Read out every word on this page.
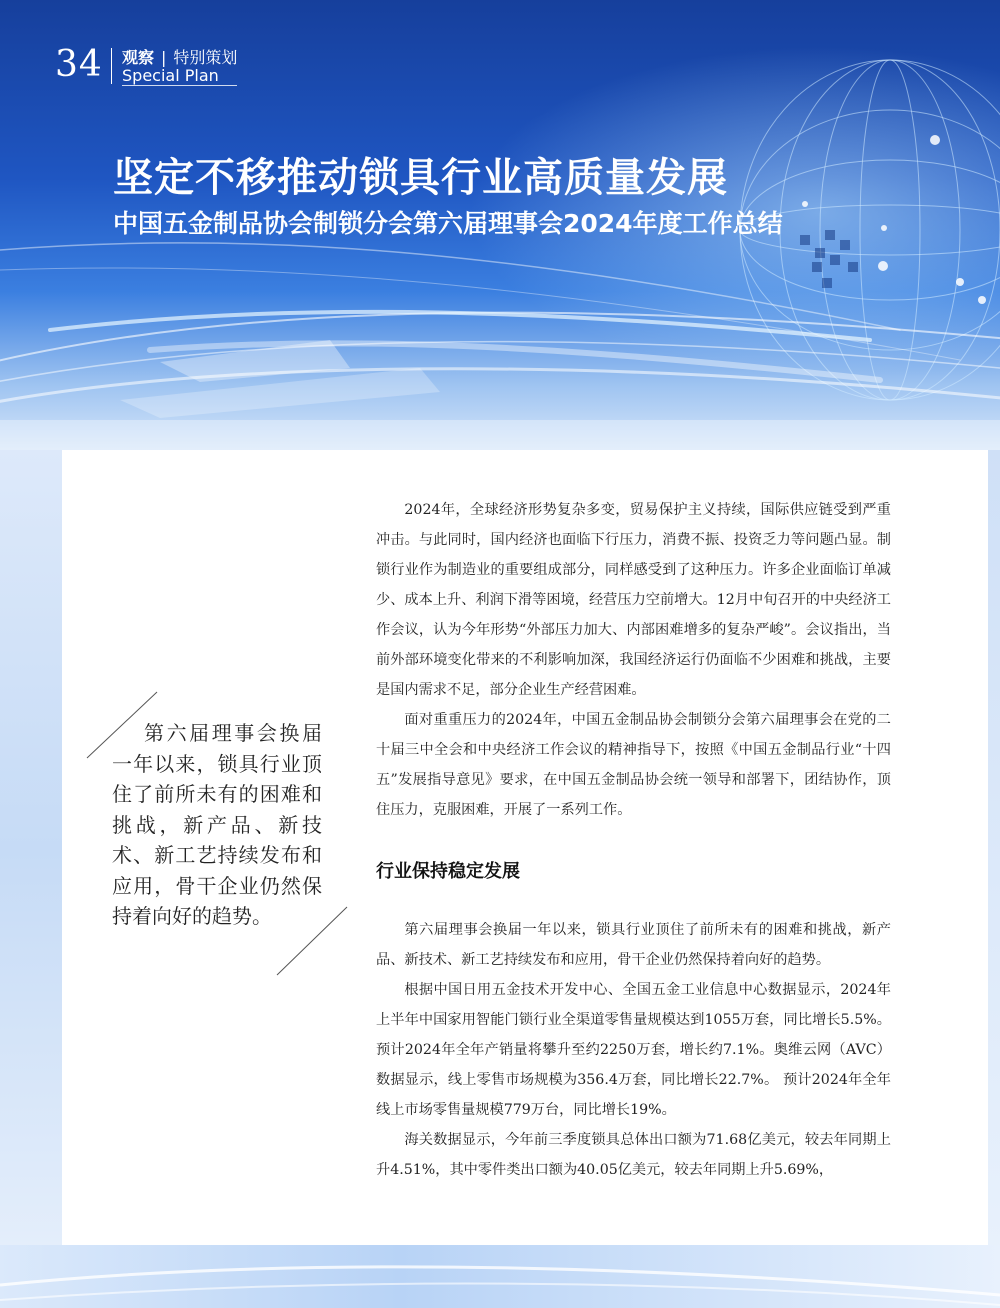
34 观察 | 特别策划
Special Plan
坚定不移推动锁具行业高质量发展
中国五金制品协会制锁分会第六届理事会2024年度工作总结
第六届理事会换届一年以来，锁具行业顶住了前所未有的困难和挑战，新产品、新技术、新工艺持续发布和应用，骨干企业仍然保持着向好的趋势。

2024年，全球经济形势复杂多变，贸易保护主义持续，国际供应链受到严重冲击。与此同时，国内经济也面临下行压力，消费不振、投资乏力等问题凸显。制锁行业作为制造业的重要组成部分，同样感受到了这种压力。许多企业面临订单减少、成本上升、利润下滑等困境，经营压力空前增大。12月中旬召开的中央经济工作会议，认为今年形势“外部压力加大、内部困难增多的复杂严峻”。会议指出，当前外部环境变化带来的不利影响加深，我国经济运行仍面临不少困难和挑战，主要是国内需求不足，部分企业生产经营困难。

面对重重压力的2024年，中国五金制品协会制锁分会第六届理事会在党的二十届三中全会和中央经济工作会议的精神指导下，按照《中国五金制品行业“十四五”发展指导意见》要求，在中国五金制品协会统一领导和部署下，团结协作，顶住压力，克服困难，开展了一系列工作。

行业保持稳定发展

第六届理事会换届一年以来，锁具行业顶住了前所未有的困难和挑战，新产品、新技术、新工艺持续发布和应用，骨干企业仍然保持着向好的趋势。

根据中国日用五金技术开发中心、全国五金工业信息中心数据显示，2024年上半年中国家用智能门锁行业全渠道零售量规模达到1055万套，同比增长5.5%。预计2024年全年产销量将攀升至约2250万套，增长约7.1%。奥维云网（AVC）数据显示，线上零售市场规模为356.4万套，同比增长22.7%。 预计2024年全年线上市场零售量规模779万台，同比增长19%。

海关数据显示，今年前三季度锁具总体出口额为71.68亿美元，较去年同期上升4.51%，其中零件类出口额为40.05亿美元，较去年同期上升5.69%，
